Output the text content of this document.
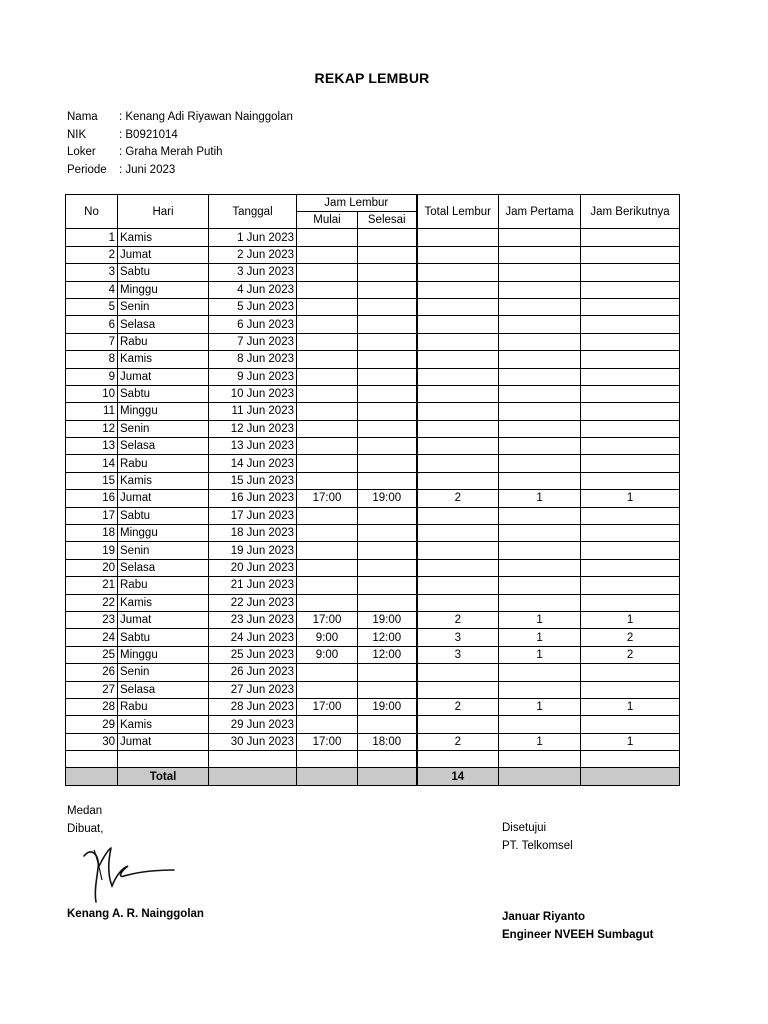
REKAP LEMBUR
Nama	: Kenang Adi Riyawan Nainggolan
NIK	: B0921014
Loker	: Graha Merah Putih
Periode	: Juni 2023
No	Hari	Tanggal	Jam Lembur		Total Lembur	Jam Pertama	Jam Berikutnya
			Mulai	Selesai			
1	Kamis	1 Jun 2023					
2	Jumat	2 Jun 2023					
3	Sabtu	3 Jun 2023					
4	Minggu	4 Jun 2023					
5	Senin	5 Jun 2023					
6	Selasa	6 Jun 2023					
7	Rabu	7 Jun 2023					
8	Kamis	8 Jun 2023					
9	Jumat	9 Jun 2023					
10	Sabtu	10 Jun 2023					
11	Minggu	11 Jun 2023					
12	Senin	12 Jun 2023					
13	Selasa	13 Jun 2023					
14	Rabu	14 Jun 2023					
15	Kamis	15 Jun 2023					
16	Jumat	16 Jun 2023	17:00	19:00	2	1	1
17	Sabtu	17 Jun 2023					
18	Minggu	18 Jun 2023					
19	Senin	19 Jun 2023					
20	Selasa	20 Jun 2023					
21	Rabu	21 Jun 2023					
22	Kamis	22 Jun 2023					
23	Jumat	23 Jun 2023	17:00	19:00	2	1	1
24	Sabtu	24 Jun 2023	9:00	12:00	3	1	2
25	Minggu	25 Jun 2023	9:00	12:00	3	1	2
26	Senin	26 Jun 2023					
27	Selasa	27 Jun 2023					
28	Rabu	28 Jun 2023	17:00	19:00	2	1	1
29	Kamis	29 Jun 2023					
30	Jumat	30 Jun 2023	17:00	18:00	2	1	1

	Total				14		
Medan
Dibuat,
Kenang A. R. Nainggolan
Disetujui
PT. Telkomsel
Januar Riyanto
Engineer NVEEH Sumbagut
